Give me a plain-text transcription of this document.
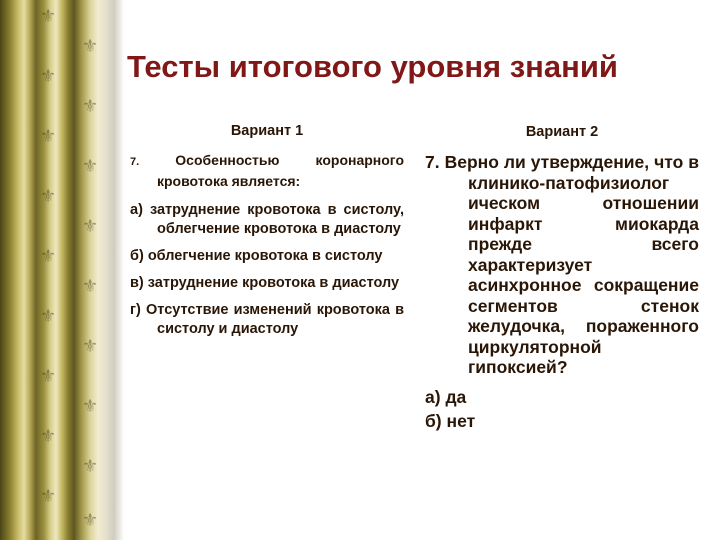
⚜
⚜
⚜
⚜
⚜
⚜
⚜
⚜
⚜
⚜
⚜
⚜
⚜
⚜
⚜
⚜
⚜
⚜
Тесты итогового уровня знаний
Вариант 1

7.	Особенностью коронарного кровотока является:

а) затруднение кровотока в систолу, облегчение кровотока в диастолу

б) облегчение кровотока в систолу

в) затруднение кровотока в диастолу

г) Отсутствие изменений кровотока в систолу и диастолу

Вариант 2

7. Верно ли утверждение, что в клинико-патофизиолог ическом отношении инфаркт миокарда прежде всего характеризует асинхронное сокращение сегментов стенок желудочка, пораженного циркуляторной гипоксией?

а) да

б) нет
